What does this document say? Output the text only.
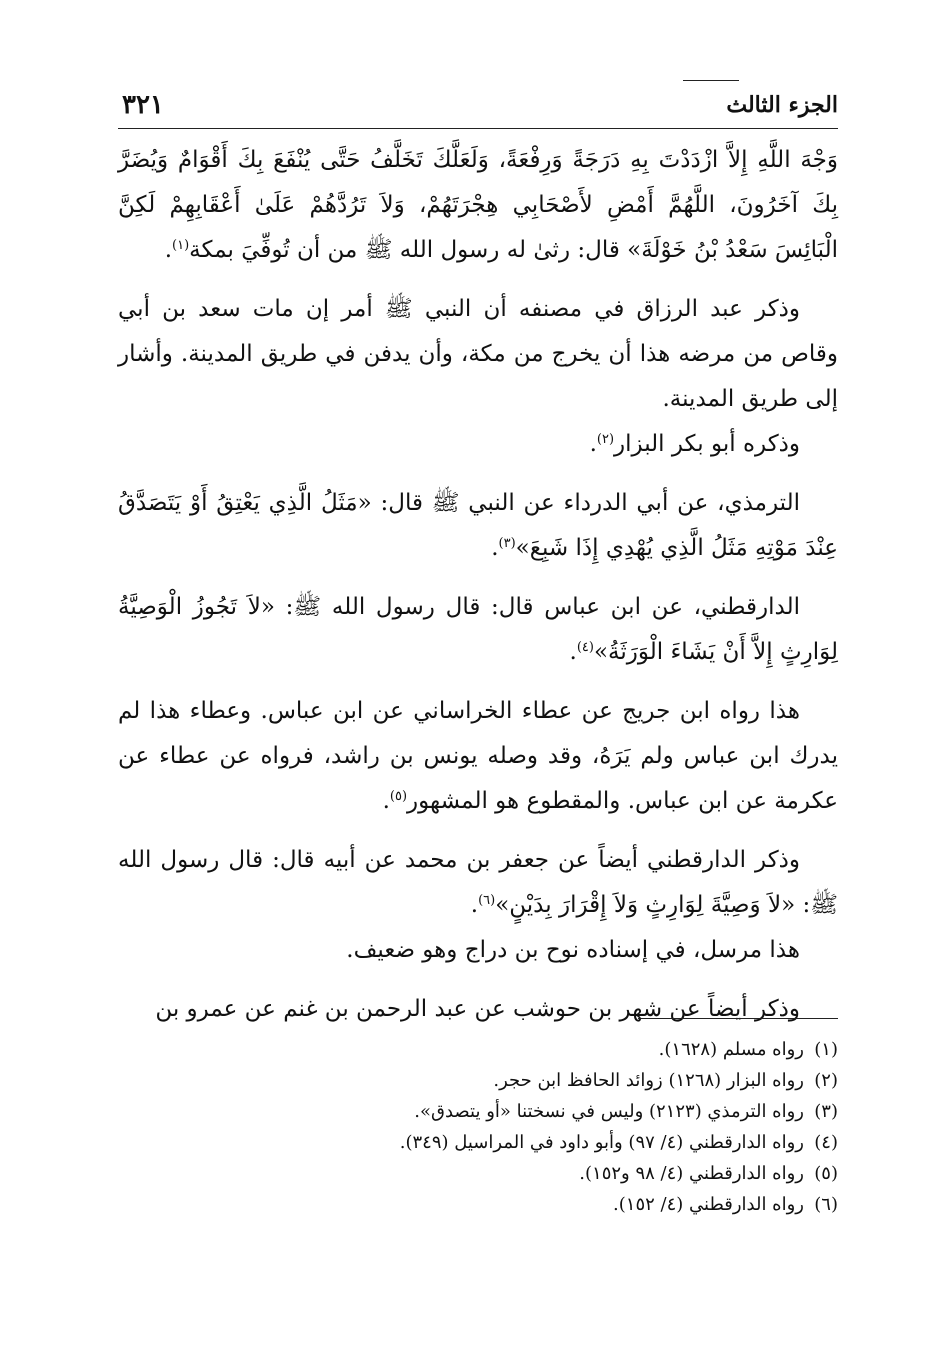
٣٢١	الجزء الثالث

وَجْهَ اللَّهِ إِلاَّ ازْدَدْتَ بِهِ دَرَجَةً وَرِفْعَةً، وَلَعَلَّكَ تَخَلَّفُ حَتَّى يُنْفَعَ بِكَ أَقْوَامٌ وَيُضَرَّ بِكَ آخَرُونَ، اللَّهُمَّ أَمْضِ لأَصْحَابِي هِجْرَتَهُمْ، وَلاَ تَرُدَّهُمْ عَلَىٰ أَعْقَابِهِمْ لَكِنَّ الْبَائِسَ سَعْدُ بْنُ خَوْلَةَ» قال: رثىٰ له رسول الله ﷺ من أن تُوفِّيَ بمكة$^{(١)}$.

وذكر عبد الرزاق في مصنفه أن النبي ﷺ أمر إن مات سعد بن أبي وقاص من مرضه هذا أن يخرج من مكة، وأن يدفن في طريق المدينة. وأشار إلى طريق المدينة.

وذكره أبو بكر البزار$^{(٢)}$.

الترمذي، عن أبي الدرداء عن النبي ﷺ قال: «مَثَلُ الَّذِي يَعْتِقُ أَوْ يَتَصَدَّقُ عِنْدَ مَوْتِهِ مَثَلُ الَّذِي يُهْدِي إِذَا شَبِعَ»$^{(٣)}$.

الدارقطني، عن ابن عباس قال: قال رسول الله ﷺ: «لاَ تَجُوزُ الْوَصِيَّةُ لِوَارِثٍ إِلاَّ أَنْ يَشَاءَ الْوَرَثَةُ»$^{(٤)}$.

هذا رواه ابن جريج عن عطاء الخراساني عن ابن عباس. وعطاء هذا لم يدرك ابن عباس ولم يَرَهُ، وقد وصله يونس بن راشد، فرواه عن عطاء عن عكرمة عن ابن عباس. والمقطوع هو المشهور$^{(٥)}$.

وذكر الدارقطني أيضاً عن جعفر بن محمد عن أبيه قال: قال رسول الله ﷺ: «لاَ وَصِيَّةَ لِوَارِثٍ وَلاَ إِقْرَارَ بِدَيْنٍ»$^{(٦)}$.

هذا مرسل، في إسناده نوح بن دراج وهو ضعيف.

وذكر أيضاً عن شهر بن حوشب عن عبد الرحمن بن غنم عن عمرو بن

(١)رواه مسلم (١٦٢٨).

(٢)رواه البزار (١٢٦٨) زوائد الحافظ ابن حجر.

(٣)رواه الترمذي (٢١٢٣) وليس في نسختنا «أو يتصدق».

(٤)رواه الدارقطني (٤/ ٩٧) وأبو داود في المراسيل (٣٤٩).

(٥)رواه الدارقطني (٤/ ٩٨ و١٥٢).

(٦)رواه الدارقطني (٤/ ١٥٢).
